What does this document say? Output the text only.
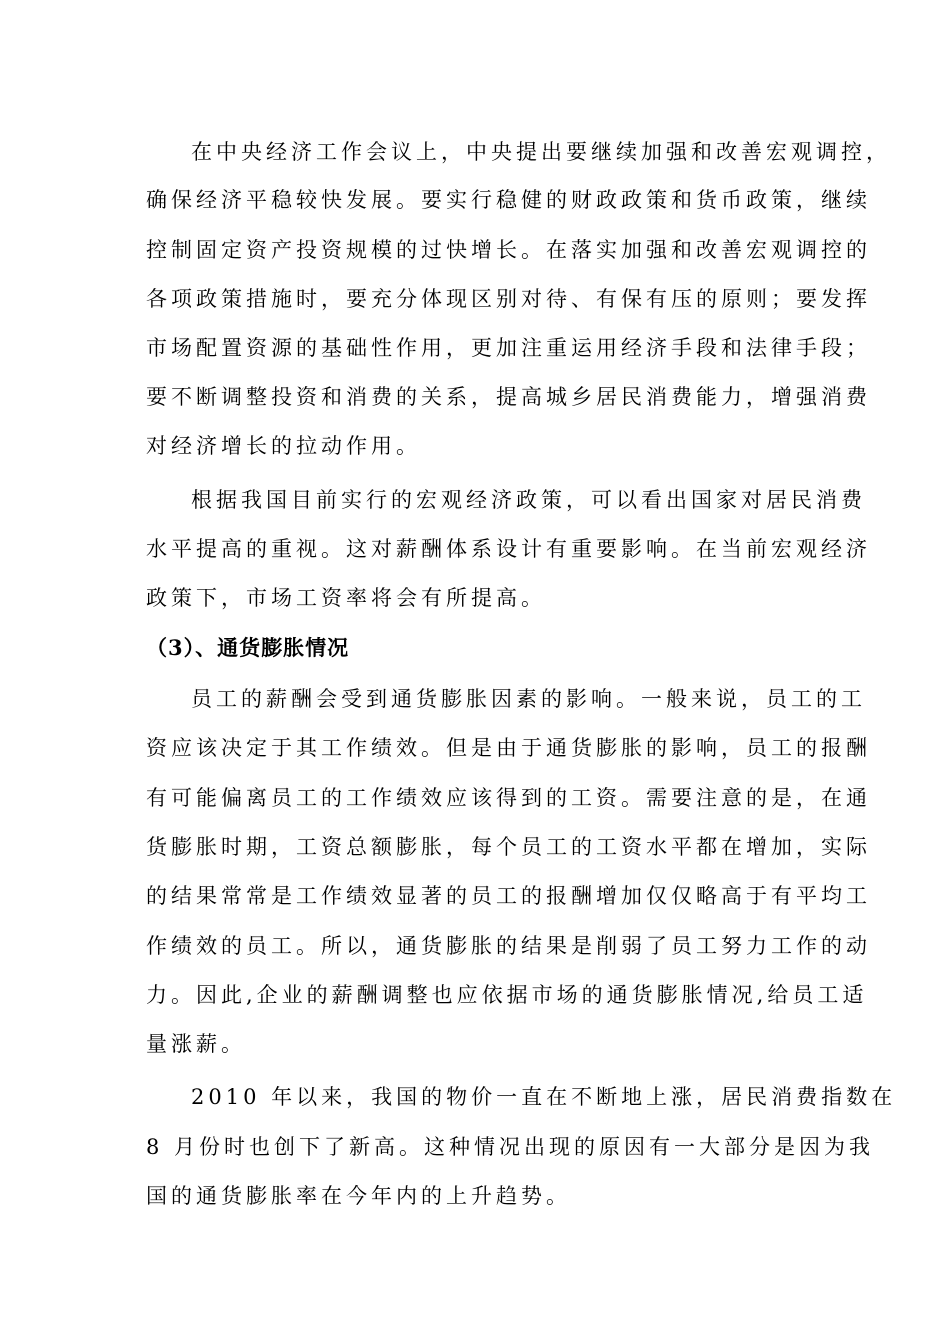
在中央经济工作会议上，中央提出要继续加强和改善宏观调控，
确保经济平稳较快发展。要实行稳健的财政政策和货币政策，继续
控制固定资产投资规模的过快增长。在落实加强和改善宏观调控的
各项政策措施时，要充分体现区别对待、有保有压的原则；要发挥
市场配置资源的基础性作用，更加注重运用经济手段和法律手段；
要不断调整投资和消费的关系，提高城乡居民消费能力，增强消费
对经济增长的拉动作用。
根据我国目前实行的宏观经济政策，可以看出国家对居民消费
水平提高的重视。这对薪酬体系设计有重要影响。在当前宏观经济
政策下，市场工资率将会有所提高。
（3）、通货膨胀情况
员工的薪酬会受到通货膨胀因素的影响。一般来说，员工的工
资应该决定于其工作绩效。但是由于通货膨胀的影响，员工的报酬
有可能偏离员工的工作绩效应该得到的工资。需要注意的是，在通
货膨胀时期，工资总额膨胀，每个员工的工资水平都在增加，实际
的结果常常是工作绩效显著的员工的报酬增加仅仅略高于有平均工
作绩效的员工。所以，通货膨胀的结果是削弱了员工努力工作的动
力。因此,企业的薪酬调整也应依据市场的通货膨胀情况,给员工适
量涨薪。
2010 年以来，我国的物价一直在不断地上涨，居民消费指数在
8 月份时也创下了新高。这种情况出现的原因有一大部分是因为我
国的通货膨胀率在今年内的上升趋势。
